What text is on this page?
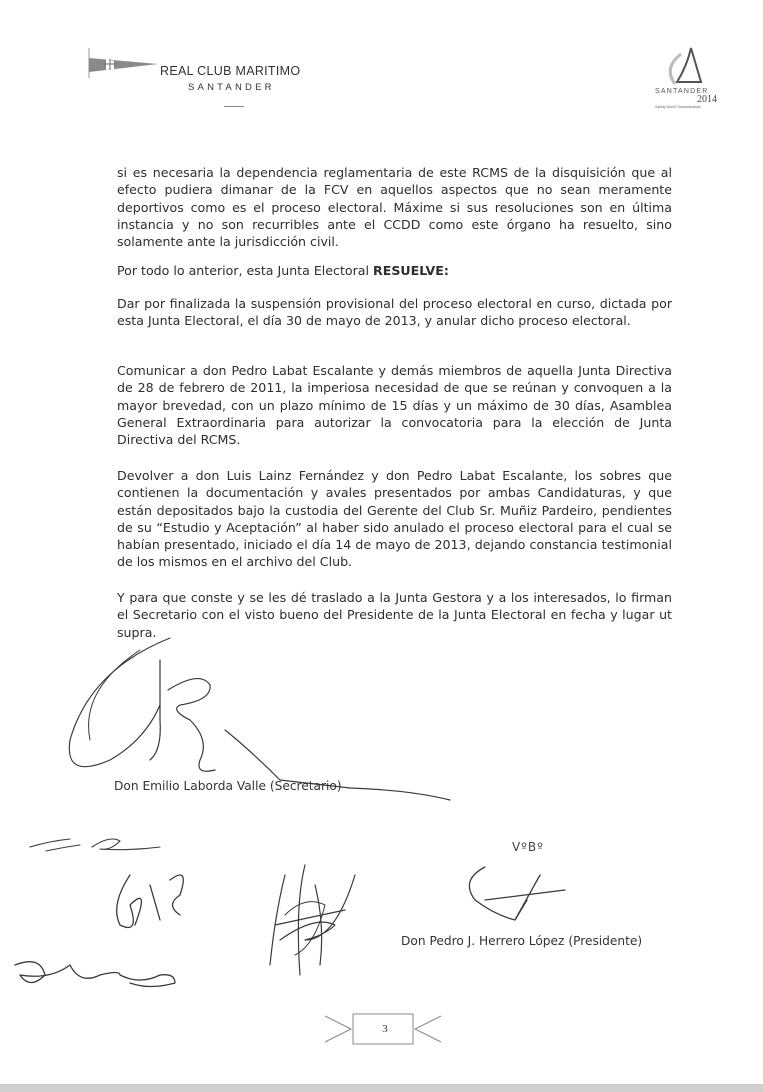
REAL CLUB MARITIMO
SANTANDER	SANTANDER
2014
Sailing World Championships

si es necesaria la dependencia reglamentaria de este RCMS de la disquisición que al efecto pudiera dimanar de la FCV en aquellos aspectos que no sean meramente deportivos como es el proceso electoral. Máxime si sus resoluciones son en última instancia y no son recurribles ante el CCDD como este órgano ha resuelto, sino solamente ante la jurisdicción civil.

Por todo lo anterior, esta Junta Electoral RESUELVE:

Dar por finalizada la suspensión provisional del proceso electoral en curso, dictada por esta Junta Electoral, el día 30 de mayo de 2013, y anular dicho proceso electoral.

Comunicar a don Pedro Labat Escalante y demás miembros de aquella Junta Directiva de 28 de febrero de 2011, la imperiosa necesidad de que se reúnan y convoquen a la mayor brevedad, con un plazo mínimo de 15 días y un máximo de 30 días, Asamblea General Extraordinaria para autorizar la convocatoria para la elección de Junta Directiva del RCMS.

Devolver a don Luis Lainz Fernández y don Pedro Labat Escalante, los sobres que contienen la documentación y avales presentados por ambas Candidaturas, y que están depositados bajo la custodia del Gerente del Club Sr. Muñiz Pardeiro, pendientes de su “Estudio y Aceptación” al haber sido anulado el proceso electoral para el cual se habían presentado, iniciado el día 14 de mayo de 2013, dejando constancia testimonial de los mismos en el archivo del Club.

Y para que conste y se les dé traslado a la Junta Gestora y a los interesados, lo firman el Secretario con el visto bueno del Presidente de la Junta Electoral en fecha y lugar ut supra.

Don Emilio Laborda Valle (Secretario)
VºBº
Don Pedro J. Herrero López (Presidente)
3
